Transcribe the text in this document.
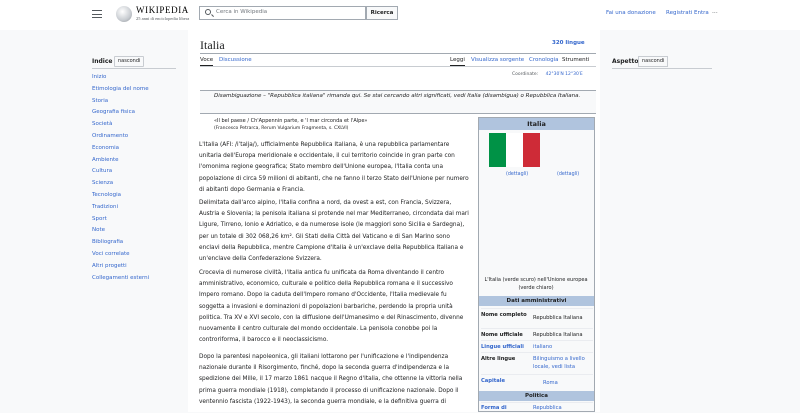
WIKIPEDIA
25 anni di enciclopedia libera
Cerca in Wikipedia	Ricerca	Fai una donazione Registrati Entra ···
Indice	nascondi
Inizio
Etimologia del nome
Storia
Geografia fisica
Società
Ordinamento
Economia
Ambiente
Cultura
Scienza
Tecnologia
Tradizioni
Sport
Note
Bibliografia
Voci correlate
Altri progetti
Collegamenti esterni
Aspetto nascondi
Italia	320 lingue
Voce Discussione	Leggi Visualizza sorgente Cronologia Strumenti
Coordinate: 42°30′N 12°30′E
Disambiguazione – "Repubblica italiana" rimanda qui. Se stai cercando altri significati, vedi Italia (disambigua) o Repubblica Italiana.
«Il bel paese / Ch'Appennin parte, e 'l mar circonda et l'Alpe»
(Francesco Petrarca, Rerum Vulgarium Fragmenta, s. CXLVI)
L'Italia (AFI: /iˈtalja/), ufficialmente Repubblica Italiana, è una repubblica parlamentare unitaria dell'Europa meridionale e occidentale, il cui territorio coincide in gran parte con l'omonima regione geografica; Stato membro dell'Unione europea, l'Italia conta una popolazione di circa 59 milioni di abitanti, che ne fanno il terzo Stato dell'Unione per numero di abitanti dopo Germania e Francia.
Delimitata dall'arco alpino, l'Italia confina a nord, da ovest a est, con Francia, Svizzera, Austria e Slovenia; la penisola italiana si protende nel mar Mediterraneo, circondata dai mari Ligure, Tirreno, Ionio e Adriatico, e da numerose isole (le maggiori sono Sicilia e Sardegna), per un totale di 302 068,26 km². Gli Stati della Città del Vaticano e di San Marino sono enclavi della Repubblica, mentre Campione d'Italia è un'exclave della Repubblica Italiana e un'enclave della Confederazione Svizzera.
Crocevia di numerose civiltà, l'Italia antica fu unificata da Roma diventando il centro amministrativo, economico, culturale e politico della Repubblica romana e il successivo Impero romano. Dopo la caduta dell'Impero romano d'Occidente, l'Italia medievale fu soggetta a invasioni e dominazioni di popolazioni barbariche, perdendo la propria unità politica. Tra XV e XVI secolo, con la diffusione dell'Umanesimo e del Rinascimento, divenne nuovamente il centro culturale del mondo occidentale. La penisola conobbe poi la controriforma, il barocco e il neoclassicismo.
Dopo la parentesi napoleonica, gli italiani lottarono per l'unificazione e l'indipendenza nazionale durante il Risorgimento, finché, dopo la seconda guerra d'indipendenza e la spedizione dei Mille, il 17 marzo 1861 nacque il Regno d'Italia, che ottenne la vittoria nella prima guerra mondiale (1918), completando il processo di unificazione nazionale. Dopo il ventennio fascista (1922-1943), la seconda guerra mondiale, e la definitiva guerra di
Italia
(dettagli)	(dettagli)
L'Italia (verde scuro) nell'Unione europea (verde chiaro)
Dati amministrativi
Nome completo	Repubblica Italiana
Nome ufficiale	Repubblica Italiana
Lingue ufficiali	italiano
Altre lingue	Bilinguismo a livello locale, vedi lista
Capitale	Roma
Politica
Forma di	Repubblica
